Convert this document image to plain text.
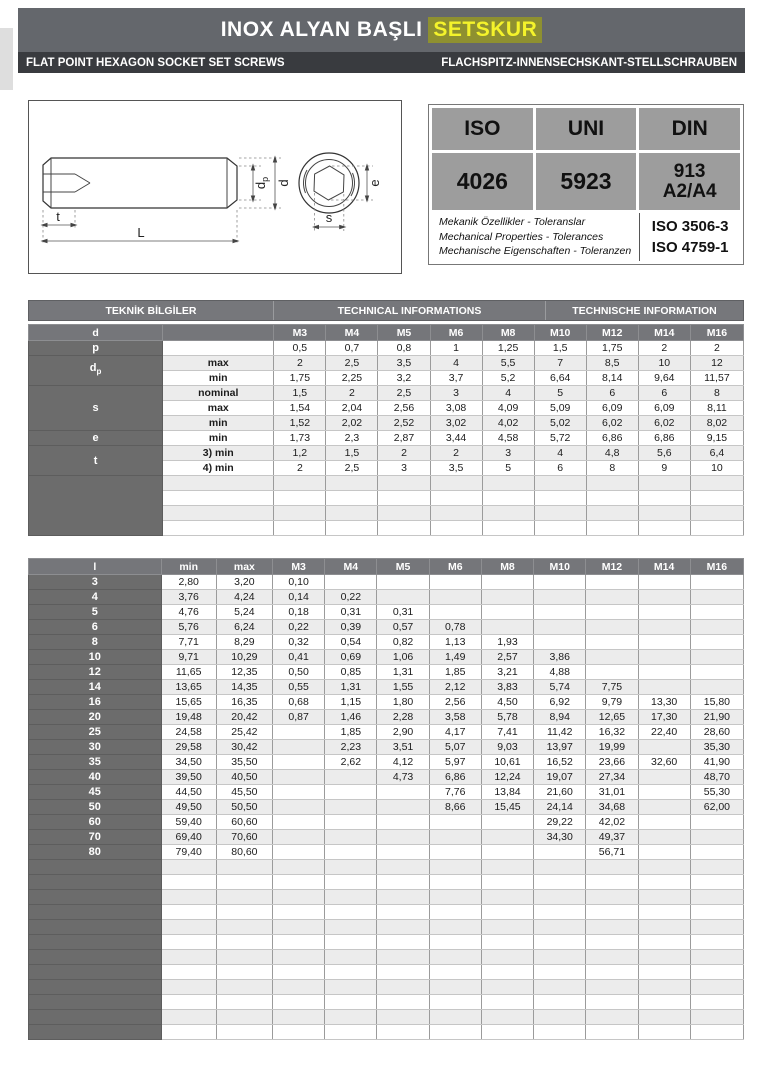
INOX ALYAN BAŞLI SETSKUR
FLAT POINT HEXAGON SOCKET SET SCREWS	FLACHSPITZ-INNENSECHSKANT-STELLSCHRAUBEN
$d_p$ d
t
L
e
s
ISO	UNI	DIN
4026	5923	913
A2/A4
Mekanik Özellikler - Toleranslar
Mechanical Properties - Tolerances
Mechanische Eigenschaften - Toleranzen
ISO 3506-3
ISO 4759-1
TEKNİK BİLGİLER	TECHNICAL INFORMATIONS	TECHNISCHE INFORMATION
d		M3	M4	M5	M6	M8	M10	M12	M14	M16
p		0,5	0,7	0,8	1	1,25	1,5	1,75	2	2
$d_p$	max	2	2,5	3,5	4	5,5	7	8,5	10	12
	min	1,75	2,25	3,2	3,7	5,2	6,64	8,14	9,64	11,57
s	nominal	1,5	2	2,5	3	4	5	6	6	8
	max	1,54	2,04	2,56	3,08	4,09	5,09	6,09	6,09	8,11
	min	1,52	2,02	2,52	3,02	4,02	5,02	6,02	6,02	8,02
e	min	1,73	2,3	2,87	3,44	4,58	5,72	6,86	6,86	9,15
t	3) min	1,2	1,5	2	2	3	4	4,8	5,6	6,4
	4) min	2	2,5	3	3,5	5	6	8	9	10

l	min	max	M3	M4	M5	M6	M8	M10	M12	M14	M16
3	2,80	3,20	0,10								
4	3,76	4,24	0,14	0,22							
5	4,76	5,24	0,18	0,31	0,31						
6	5,76	6,24	0,22	0,39	0,57	0,78					
8	7,71	8,29	0,32	0,54	0,82	1,13	1,93				
10	9,71	10,29	0,41	0,69	1,06	1,49	2,57	3,86			
12	11,65	12,35	0,50	0,85	1,31	1,85	3,21	4,88			
14	13,65	14,35	0,55	1,31	1,55	2,12	3,83	5,74	7,75		
16	15,65	16,35	0,68	1,15	1,80	2,56	4,50	6,92	9,79	13,30	15,80
20	19,48	20,42	0,87	1,46	2,28	3,58	5,78	8,94	12,65	17,30	21,90
25	24,58	25,42		1,85	2,90	4,17	7,41	11,42	16,32	22,40	28,60
30	29,58	30,42		2,23	3,51	5,07	9,03	13,97	19,99		35,30
35	34,50	35,50		2,62	4,12	5,97	10,61	16,52	23,66	32,60	41,90
40	39,50	40,50			4,73	6,86	12,24	19,07	27,34		48,70
45	44,50	45,50				7,76	13,84	21,60	31,01		55,30
50	49,50	50,50				8,66	15,45	24,14	34,68		62,00
60	59,40	60,60						29,22	42,02		
70	69,40	70,60						34,30	49,37		
80	79,40	80,60							56,71		
